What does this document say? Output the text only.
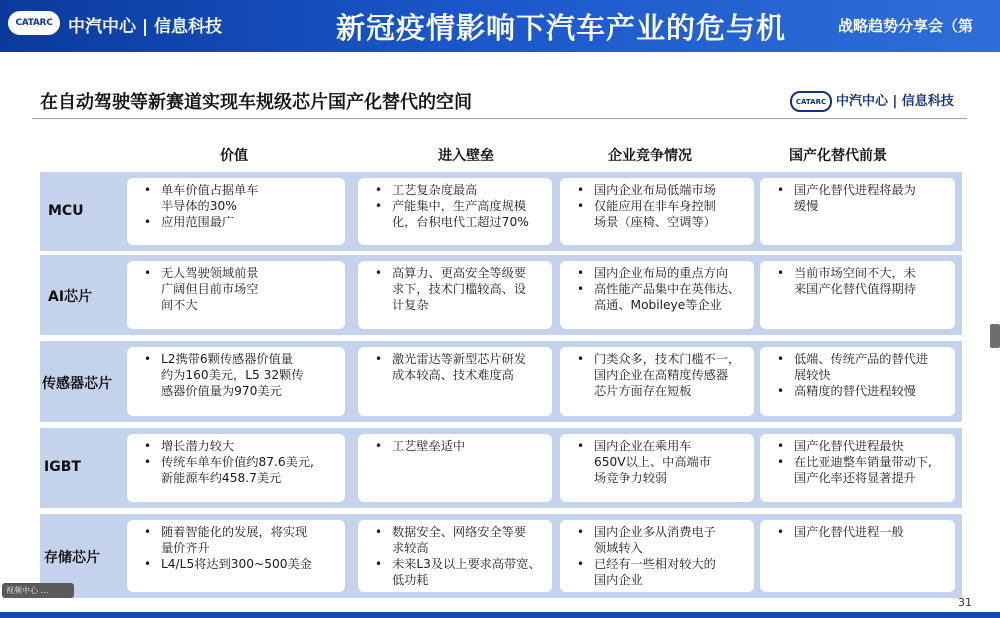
CATARC 中汽中心 | 信息科技	新冠疫情影响下汽车产业的危与机	战略趋势分享会（第
在自动驾驶等新赛道实现车规级芯片国产化替代的空间	CATARC 中汽中心 | 信息科技
价值	进入壁垒	企业竞争情况	国产化替代前景
MCU
• 单车价值占据单车
半导体的30%
• 应用范围最广
• 工艺复杂度最高
• 产能集中，生产高度规模
化，台积电代工超过70%
• 国内企业布局低端市场
• 仅能应用在非车身控制
场景（座椅、空调等）
• 国产化替代进程将最为
缓慢
AI芯片
• 无人驾驶领域前景
广阔但目前市场空
间不大
• 高算力、更高安全等级要
求下，技术门槛较高、设
计复杂
• 国内企业布局的重点方向
• 高性能产品集中在英伟达、
高通、Mobileye等企业
• 当前市场空间不大，未
来国产化替代值得期待
传感器芯片
• L2携带6颗传感器价值量
约为160美元，L5 32颗传
感器价值量为970美元
• 激光雷达等新型芯片研发
成本较高、技术难度高
• 门类众多，技术门槛不一，
国内企业在高精度传感器
芯片方面存在短板
• 低端、传统产品的替代进
展较快
• 高精度的替代进程较慢
IGBT
• 增长潜力较大
• 传统车单车价值约87.6美元,
新能源车约458.7美元
• 工艺壁垒适中
•	国内企业在乘用车
650V以上、中高端市
场竞争力较弱
• 国产化替代进程最快
• 在比亚迪整车销量带动下,
国产化率还将显著提升
存储芯片
• 随着智能化的发展，将实现
量价齐升
• L4/L5将达到300~500美金
• 数据安全、网络安全等要
求较高
• 未来L3及以上要求高带宽、
低功耗
• 国内企业多从消费电子
领域转入
• 已经有一些相对较大的
国内企业
• 国产化替代进程一般
31
视频中心 …
